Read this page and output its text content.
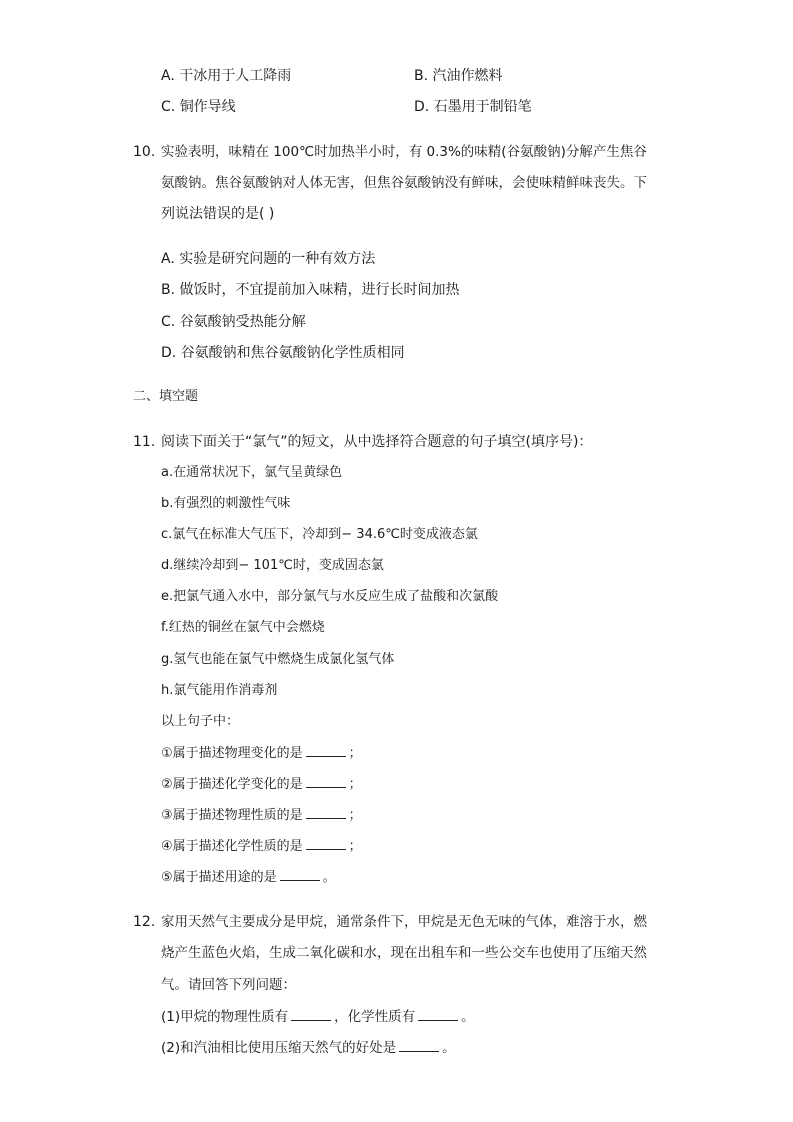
A. 干冰用于人工降雨	B. 汽油作燃料
C. 铜作导线	D. 石墨用于制铅笔
10. 实验表明，味精在 100℃时加热半小时，有 0.3%的味精(谷氨酸钠)分解产生焦谷
氨酸钠。焦谷氨酸钠对人体无害，但焦谷氨酸钠没有鲜味，会使味精鲜味丧失。下
列说法错误的是( )
A. 实验是研究问题的一种有效方法
B. 做饭时，不宜提前加入味精，进行长时间加热
C. 谷氨酸钠受热能分解
D. 谷氨酸钠和焦谷氨酸钠化学性质相同
二、填空题
11. 阅读下面关于“氯气”的短文，从中选择符合题意的句子填空(填序号)：
a.在通常状况下，氯气呈黄绿色
b.有强烈的刺激性气味
c.氯气在标准大气压下，冷却到− 34.6℃时变成液态氯
d.继续冷却到− 101℃时，变成固态氯
e.把氯气通入水中，部分氯气与水反应生成了盐酸和次氯酸
f.红热的铜丝在氯气中会燃烧
g.氢气也能在氯气中燃烧生成氯化氢气体
h.氯气能用作消毒剂
以上句子中：
①属于描述物理变化的是	；
②属于描述化学变化的是	；
③属于描述物理性质的是	；
④属于描述化学性质的是	；
⑤属于描述用途的是	。
12. 家用天然气主要成分是甲烷，通常条件下，甲烷是无色无味的气体，难溶于水，燃
烧产生蓝色火焰，生成二氧化碳和水，现在出租车和一些公交车也使用了压缩天然
气。请回答下列问题：
(1)甲烷的物理性质有	，化学性质有	。
(2)和汽油相比使用压缩天然气的好处是	。
